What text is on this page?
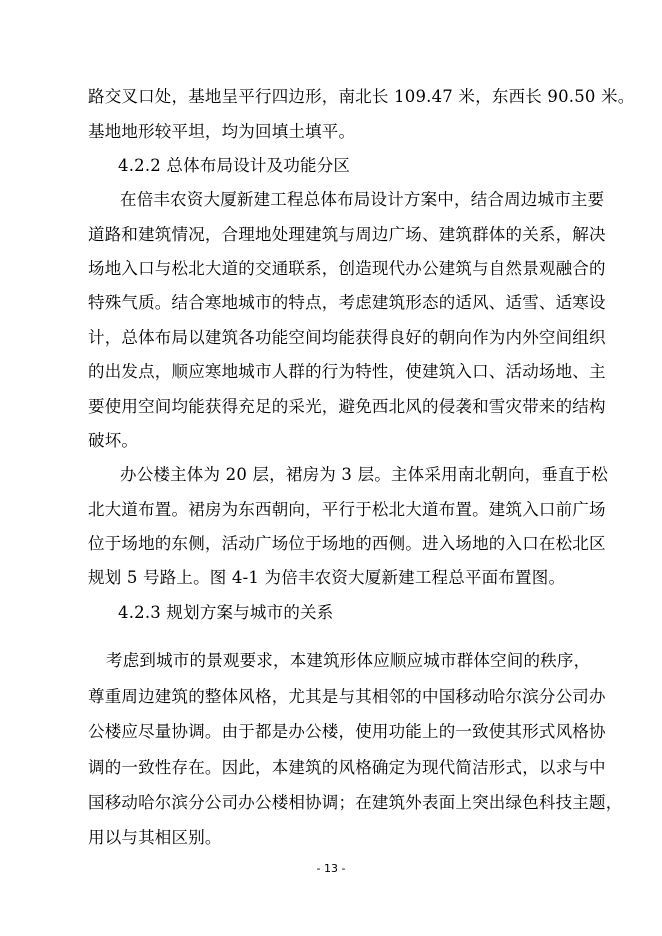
路交叉口处，基地呈平行四边形，南北长 109.47 米，东西长 90.50 米。
基地地形较平坦，均为回填土填平。
4.2.2 总体布局设计及功能分区
在倍丰农资大厦新建工程总体布局设计方案中，结合周边城市主要
道路和建筑情况，合理地处理建筑与周边广场、建筑群体的关系，解决
场地入口与松北大道的交通联系，创造现代办公建筑与自然景观融合的
特殊气质。结合寒地城市的特点，考虑建筑形态的适风、适雪、适寒设
计，总体布局以建筑各功能空间均能获得良好的朝向作为内外空间组织
的出发点，顺应寒地城市人群的行为特性，使建筑入口、活动场地、主
要使用空间均能获得充足的采光，避免西北风的侵袭和雪灾带来的结构
破坏。
办公楼主体为 20 层，裙房为 3 层。主体采用南北朝向，垂直于松
北大道布置。裙房为东西朝向，平行于松北大道布置。建筑入口前广场
位于场地的东侧，活动广场位于场地的西侧。进入场地的入口在松北区
规划 5 号路上。图 4-1 为倍丰农资大厦新建工程总平面布置图。
4.2.3 规划方案与城市的关系
考虑到城市的景观要求，本建筑形体应顺应城市群体空间的秩序，
尊重周边建筑的整体风格，尤其是与其相邻的中国移动哈尔滨分公司办
公楼应尽量协调。由于都是办公楼，使用功能上的一致使其形式风格协
调的一致性存在。因此，本建筑的风格确定为现代简洁形式，以求与中
国移动哈尔滨分公司办公楼相协调；在建筑外表面上突出绿色科技主题，
用以与其相区别。
- 13 -
